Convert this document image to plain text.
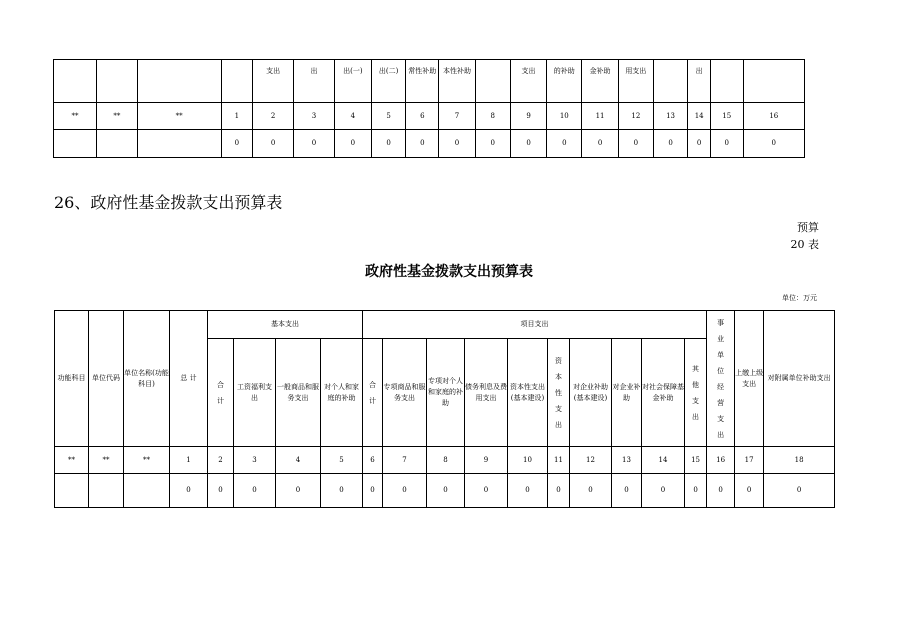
				支出	出	出(一)	出(二)	常性补助	本性补助		支出	的补助	金补助	用支出		出		
**	**	**	1	2	3	4	5	6	7	8	9	10	11	12	13	14	15	16
			0	0	0	0	0	0	0	0	0	0	0	0	0	0	0	0
26、政府性基金拨款支出预算表
预算
20 表
政府性基金拨款支出预算表
单位：万元
功能科目	单位代码	单位名称(功能科目)	总 计	基本支出				项目支出										事业单位经营支出	上缴上级支出	对附属单位补助支出
				合计	工资福利支出	一般商品和服务支出	对个人和家庭的补助	合计	专项商品和服务支出	专项对个人和家庭的补助	债务利息及费用支出	资本性支出(基本建设)	资本性支出	对企业补助(基本建设)	对企业补助	对社会保障基金补助	其他支出			
**	**	**	1	2	3	4	5	6	7	8	9	10	11	12	13	14	15	16	17	18
			0	0	0	0	0	0	0	0	0	0	0	0	0	0	0	0	0	0
